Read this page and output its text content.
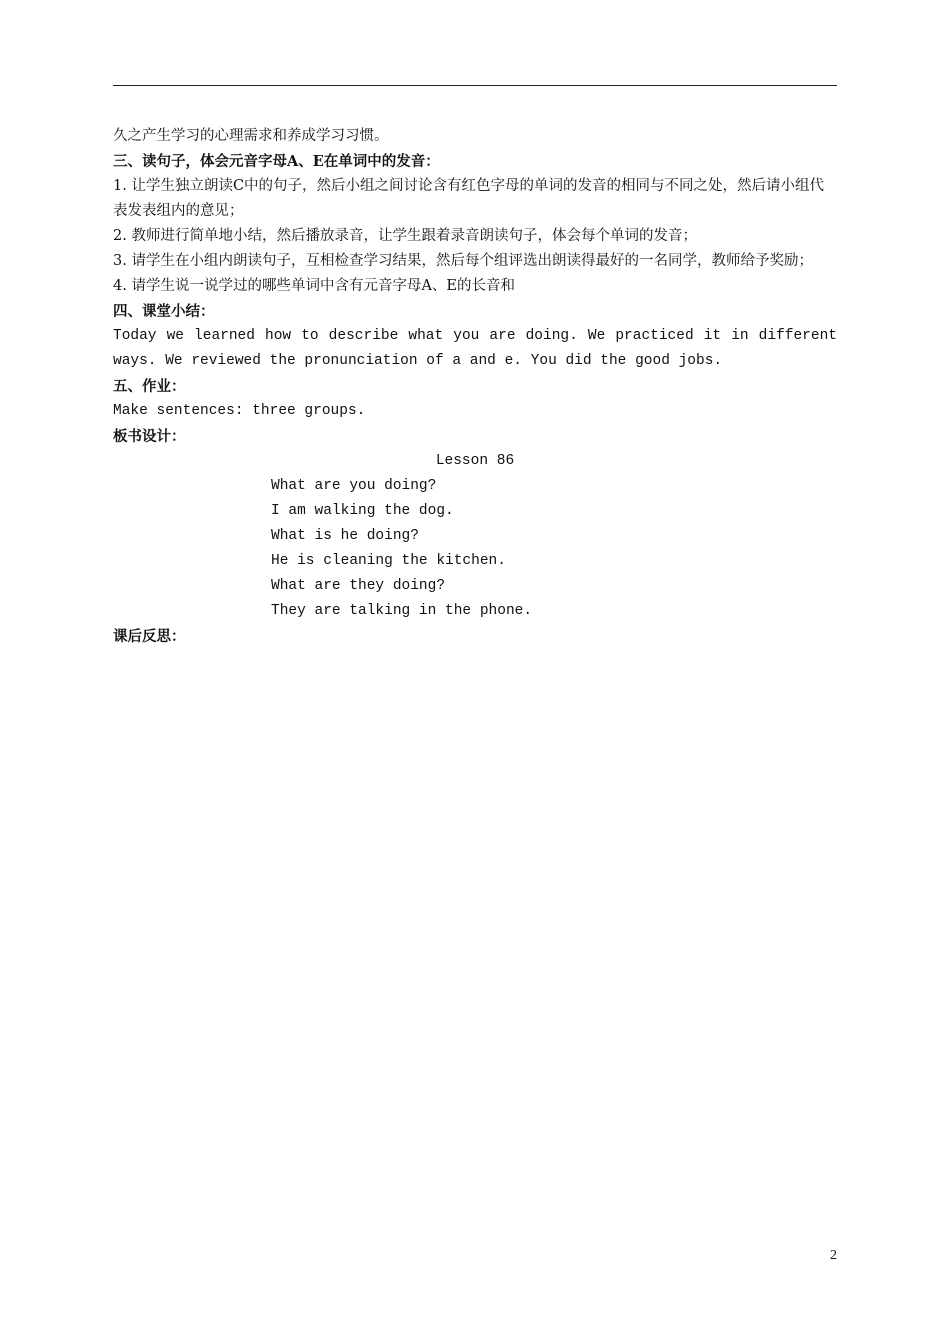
久之产生学习的心理需求和养成学习习惯。
三、读句子，体会元音字母A、E在单词中的发音：
1. 让学生独立朗读C中的句子，然后小组之间讨论含有红色字母的单词的发音的相同与不同之处，然后请小组代表发表组内的意见；
2. 教师进行简单地小结，然后播放录音，让学生跟着录音朗读句子，体会每个单词的发音；
3. 请学生在小组内朗读句子，互相检查学习结果，然后每个组评选出朗读得最好的一名同学，教师给予奖励；
4. 请学生说一说学过的哪些单词中含有元音字母A、E的长音和
四、课堂小结：
Today we learned how to describe what you are doing. We practiced it in different ways. We reviewed the pronunciation of a and e. You did the good jobs.
五、作业：
Make sentences: three groups.
板书设计：
Lesson 86
What are you doing?
I am walking the dog.
What is he doing?
He is cleaning the kitchen.
What are they doing?
They are talking in the phone.
课后反思：
2
